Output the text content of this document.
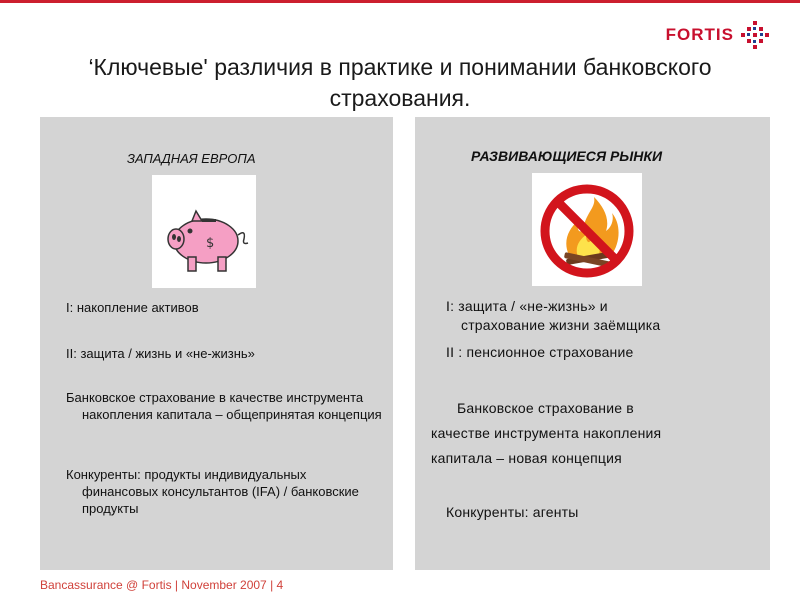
FORTIS
‘Ключевые' различия в практике и понимании банковского
страхования.
ЗАПАДНАЯ ЕВРОПА
$
I: накопление активов
II: защита / жизнь и «не-жизнь»
Банковское страхование в качестве инструмента накопления капитала – общепринятая концепция
Конкуренты: продукты индивидуальных финансовых консультантов (IFA) / банковские продукты
РАЗВИВАЮЩИЕСЯ РЫНКИ
I: защита / «не-жизнь» и
страхование жизни заёмщика
II : пенсионное страхование
Банковское страхование в
качестве инструмента накопления
капитала – новая концепция
Конкуренты: агенты
Bancassurance @ Fortis | November 2007 | 4
